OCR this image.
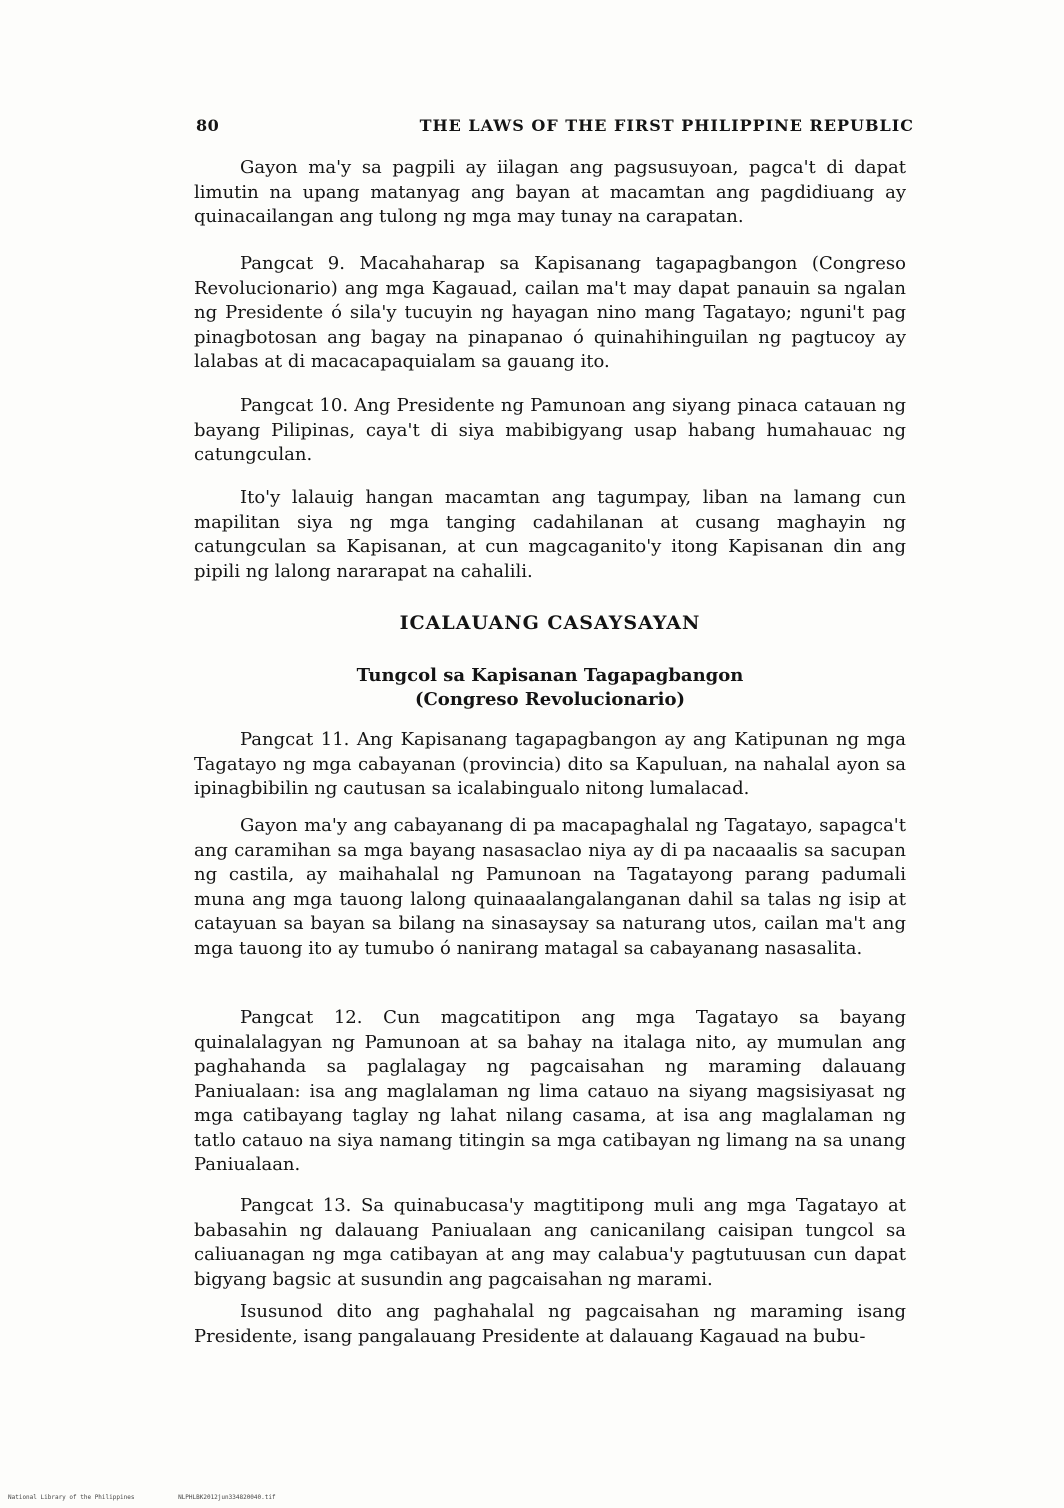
80	THE LAWS OF THE FIRST PHILIPPINE REPUBLIC

Gayon ma'y sa pagpili ay iilagan ang pagsusuyoan, pagca't di dapat limutin na upang matanyag ang bayan at macamtan ang pagdidiuang ay quinacailangan ang tulong ng mga may tunay na carapatan.

Pangcat 9. Macahaharap sa Kapisanang tagapagbangon (Congreso Revolucionario) ang mga Kagauad, cailan ma't may dapat panauin sa ngalan ng Presidente ó sila'y tucuyin ng hayagan nino mang Tagatayo; nguni't pag pinagbotosan ang bagay na pinapanao ó quinahihinguilan ng pagtucoy ay lalabas at di macacapaquialam sa gauang ito.

Pangcat 10. Ang Presidente ng Pamunoan ang siyang pinaca catauan ng bayang Pilipinas, caya't di siya mabibigyang usap habang humahauac ng catungculan.

Ito'y lalauig hangan macamtan ang tagumpay, liban na lamang cun mapilitan siya ng mga tanging cadahilanan at cusang maghayin ng catungculan sa Kapisanan, at cun magcaganito'y itong Kapisanan din ang pipili ng lalong nararapat na cahalili.

ICALAUANG CASAYSAYAN

Tungcol sa Kapisanan Tagapagbangon

(Congreso Revolucionario)

Pangcat 11. Ang Kapisanang tagapagbangon ay ang Katipunan ng mga Tagatayo ng mga cabayanan (provincia) dito sa Kapuluan, na nahalal ayon sa ipinagbibilin ng cautusan sa icalabingualo nitong lumalacad.

Gayon ma'y ang cabayanang di pa macapaghalal ng Tagatayo, sapagca't ang caramihan sa mga bayang nasasaclao niya ay di pa nacaaalis sa sacupan ng castila, ay maihahalal ng Pamunoan na Tagatayong parang padumali muna ang mga tauong lalong quinaaalangalanganan dahil sa talas ng isip at catayuan sa bayan sa bilang na sinasaysay sa naturang utos, cailan ma't ang mga tauong ito ay tumubo ó nanirang matagal sa cabayanang nasasalita.

Pangcat 12. Cun magcatitipon ang mga Tagatayo sa bayang quinalalagyan ng Pamunoan at sa bahay na italaga nito, ay mumulan ang paghahanda sa paglalagay ng pagcaisahan ng maraming dalauang Paniualaan: isa ang maglalaman ng lima catauo na siyang magsisiyasat ng mga catibayang taglay ng lahat nilang casama, at isa ang maglalaman ng tatlo catauo na siya namang titingin sa mga catibayan ng limang na sa unang Paniualaan.

Pangcat 13. Sa quinabucasa'y magtitipong muli ang mga Tagatayo at babasahin ng dalauang Paniualaan ang canicanilang caisipan tungcol sa caliuanagan ng mga catibayan at ang may calabua'y pagtutuusan cun dapat bigyang bagsic at susundin ang pagcaisahan ng marami.

Isusunod dito ang paghahalal ng pagcaisahan ng maraming isang Presidente, isang pangalauang Presidente at dalauang Kagauad na bubu-

National Library of the Philippines	NLPHLBK2012jun334820040.tif
